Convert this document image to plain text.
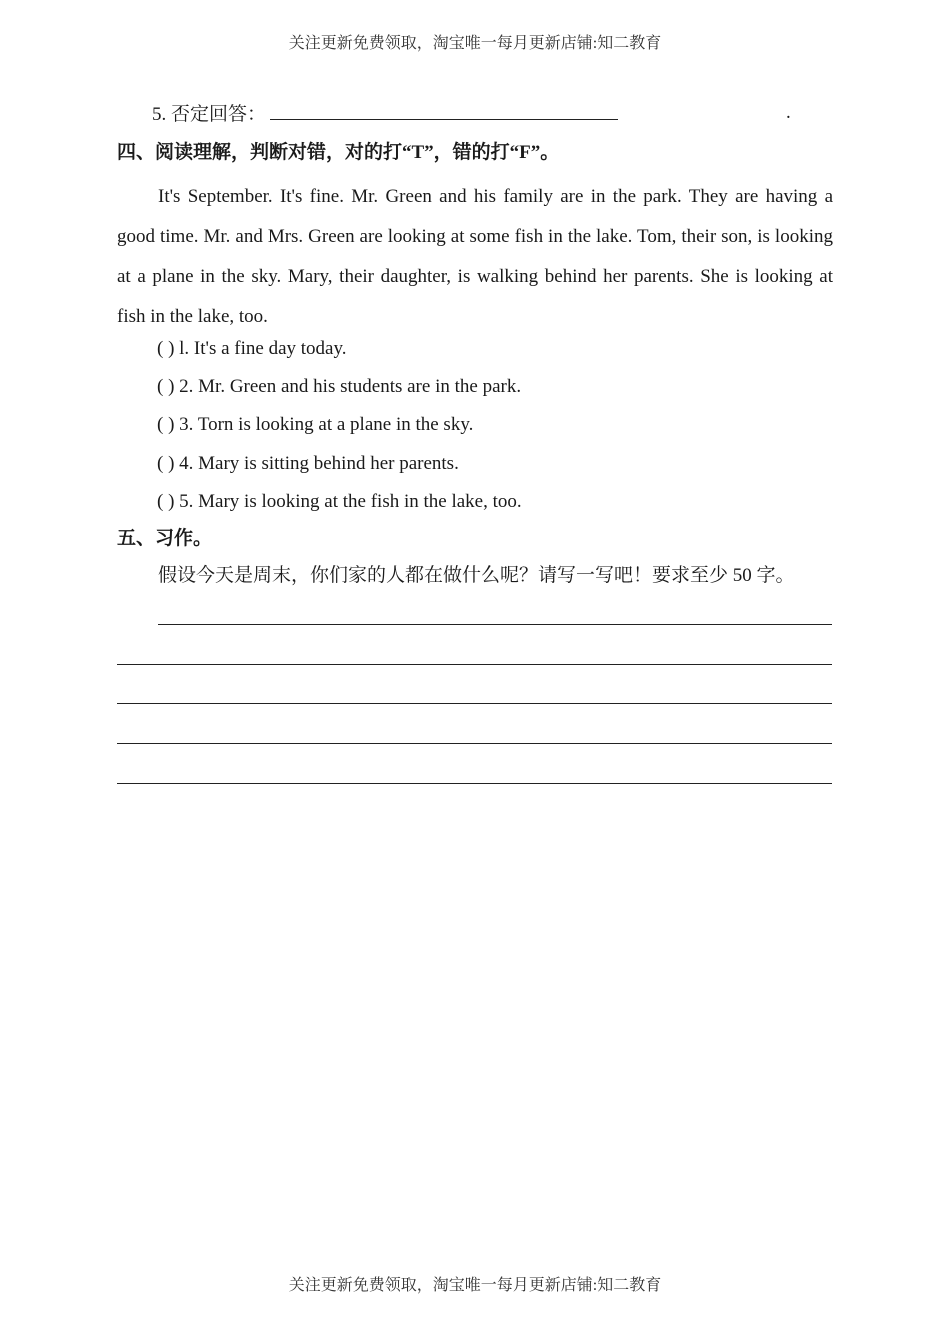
关注更新免费领取，淘宝唯一每月更新店铺:知二教育
5. 否定回答：	.
四、阅读理解，判断对错，对的打“T”，错的打“F”。
It's September. It's fine. Mr. Green and his family are in the park. They are having a good time. Mr. and Mrs. Green are looking at some fish in the lake. Tom, their son, is looking at a plane in the sky. Mary, their daughter, is walking behind her parents. She is looking at fish in the lake, too.
( ) l. It's a fine day today.
( ) 2. Mr. Green and his students are in the park.
( ) 3. Torn is looking at a plane in the sky.
( ) 4. Mary is sitting behind her parents.
( ) 5. Mary is looking at the fish in the lake, too.
五、习作。
假设今天是周末，你们家的人都在做什么呢？请写一写吧！要求至少 50 字。
关注更新免费领取，淘宝唯一每月更新店铺:知二教育
